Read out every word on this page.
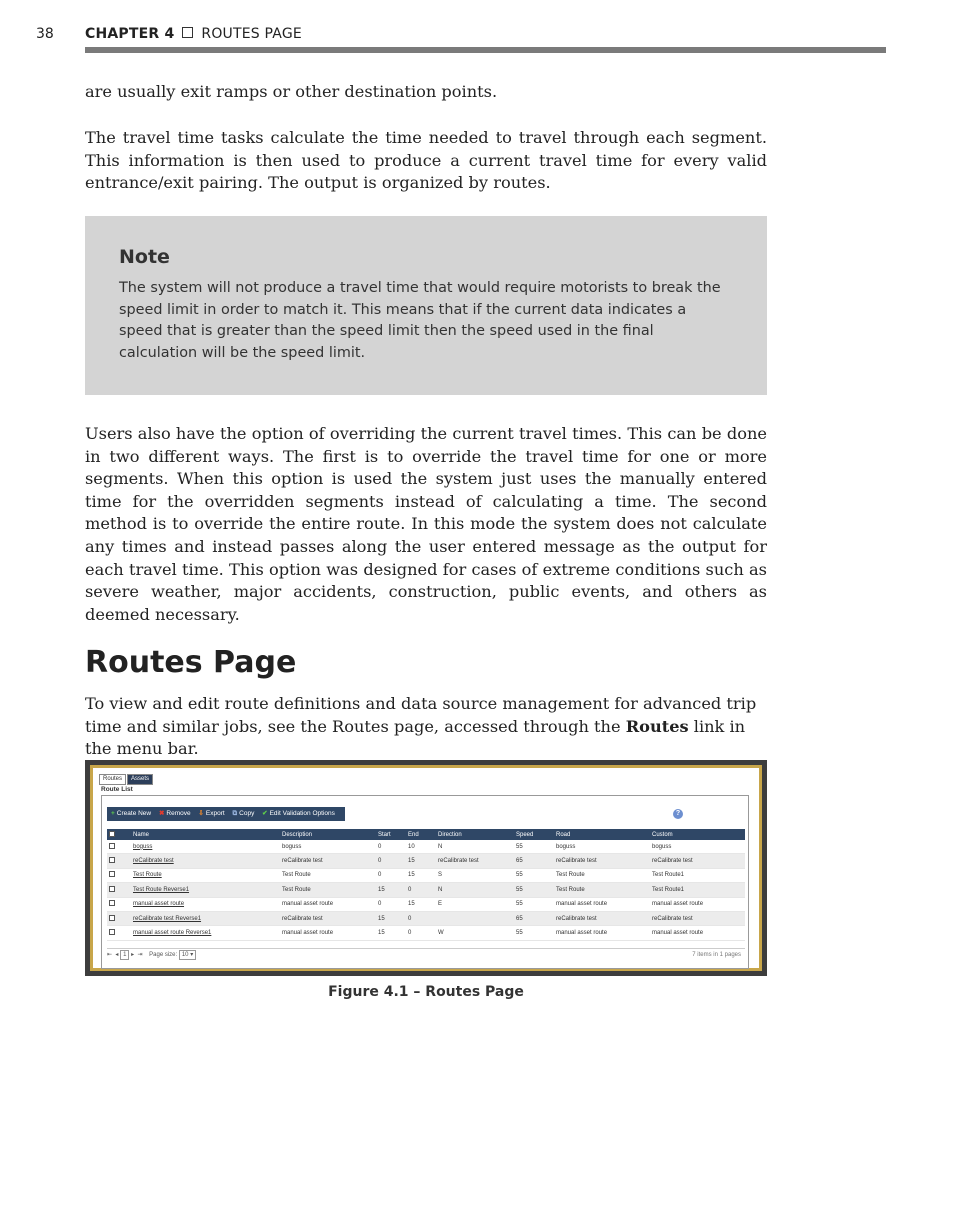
38 CHAPTER 4 ROUTES PAGE
are usually exit ramps or other destination points.
The travel time tasks calculate the time needed to travel through each segment. This information is then used to produce a current travel time for every valid entrance/exit pairing. The output is organized by routes.
Note

The system will not produce a travel time that would require motorists to break the speed limit in order to match it. This means that if the current data indicates a speed that is greater than the speed limit then the speed used in the final calculation will be the speed limit.

Users also have the option of overriding the current travel times. This can be done in two different ways. The first is to override the travel time for one or more segments. When this option is used the system just uses the manually entered time for the overridden segments instead of calculating a time. The second method is to override the entire route. In this mode the system does not calculate any times and instead passes along the user entered message as the output for each travel time. This option was designed for cases of extreme conditions such as severe weather, major accidents, construction, public events, and others as deemed necessary.
Routes Page
To view and edit route definitions and data source management for advanced trip time and similar jobs, see the Routes page, accessed through the Routes link in the menu bar.
Routes Assets
Route List
+ Create New ✖ Remove ⇩ Export ⧉ Copy ✔ Edit Validation Options	?
	Name	Description	Start	End	Direction	Speed	Road	Custom
	boguss	boguss	0	10	N	55	boguss	boguss
	reCalibrate test	reCalibrate test	0	15	reCalibrate test	65	reCalibrate test	reCalibrate test
	Test Route	Test Route	0	15	S	55	Test Route	Test Route1
	Test Route Reverse1	Test Route	15	0	N	55	Test Route	Test Route1
	manual asset route	manual asset route	0	15	E	55	manual asset route	manual asset route
	reCalibrate test Reverse1	reCalibrate test	15	0		65	reCalibrate test	reCalibrate test
	manual asset route Reverse1	manual asset route	15	0	W	55	manual asset route	manual asset route
⇤ ◂ 1 ▸ ⇥ Page size: 10 ▾	7 items in 1 pages
Figure 4.1 – Routes Page
